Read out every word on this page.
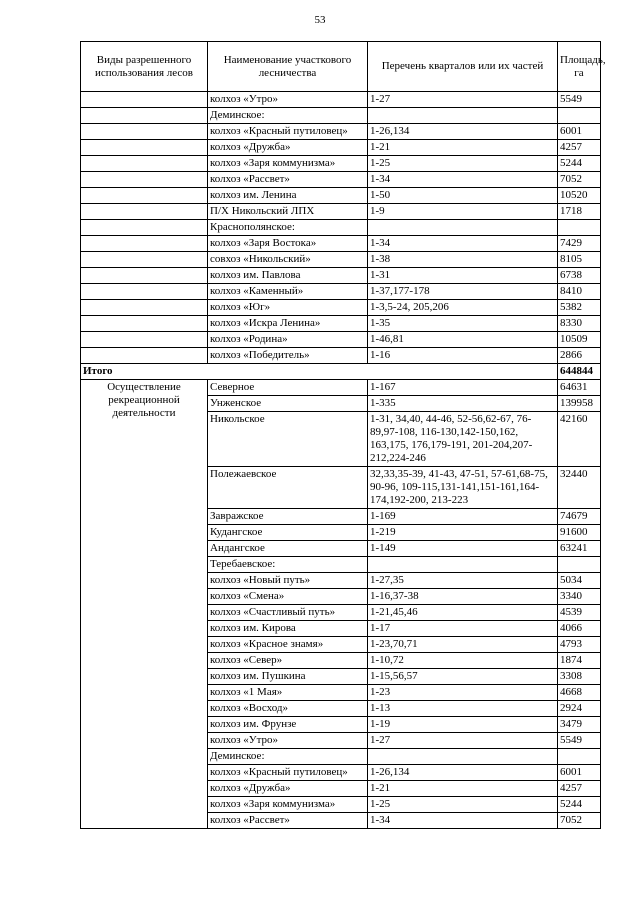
53
Виды разрешенного использования лесов	Наименование участкового лесничества	Перечень кварталов или их частей	Площадь, га
	колхоз «Утро»	1-27	5549
	Деминское:		
	колхоз «Красный путиловец»	1-26,134	6001
	колхоз «Дружба»	1-21	4257
	колхоз «Заря коммунизма»	1-25	5244
	колхоз «Рассвет»	1-34	7052
	колхоз им. Ленина	1-50	10520
	П/Х Никольский ЛПХ	1-9	1718
	Краснополянское:		
	колхоз «Заря Востока»	1-34	7429
	совхоз «Никольский»	1-38	8105
	колхоз им. Павлова	1-31	6738
	колхоз «Каменный»	1-37,177-178	8410
	колхоз «Юг»	1-3,5-24, 205,206	5382
	колхоз «Искра Ленина»	1-35	8330
	колхоз «Родина»	1-46,81	10509
	колхоз «Победитель»	1-16	2866
Итого			644844
Осуществление рекреационной деятельности	Северное	1-167	64631
	Унженское	1-335	139958
	Никольское	1-31, 34,40, 44-46, 52-56,62-67, 76-89,97-108, 116-130,142-150,162, 163,175, 176,179-191, 201-204,207-212,224-246	42160
	Полежаевское	32,33,35-39, 41-43, 47-51, 57-61,68-75, 90-96, 109-115,131-141,151-161,164-174,192-200, 213-223	32440
	Завражское	1-169	74679
	Кудангское	1-219	91600
	Андангское	1-149	63241
	Теребаевское:		
	колхоз «Новый путь»	1-27,35	5034
	колхоз «Смена»	1-16,37-38	3340
	колхоз «Счастливый путь»	1-21,45,46	4539
	колхоз им. Кирова	1-17	4066
	колхоз «Красное знамя»	1-23,70,71	4793
	колхоз «Север»	1-10,72	1874
	колхоз им. Пушкина	1-15,56,57	3308
	колхоз «1 Мая»	1-23	4668
	колхоз «Восход»	1-13	2924
	колхоз им. Фрунзе	1-19	3479
	колхоз «Утро»	1-27	5549
	Деминское:		
	колхоз «Красный путиловец»	1-26,134	6001
	колхоз «Дружба»	1-21	4257
	колхоз «Заря коммунизма»	1-25	5244
	колхоз «Рассвет»	1-34	7052
